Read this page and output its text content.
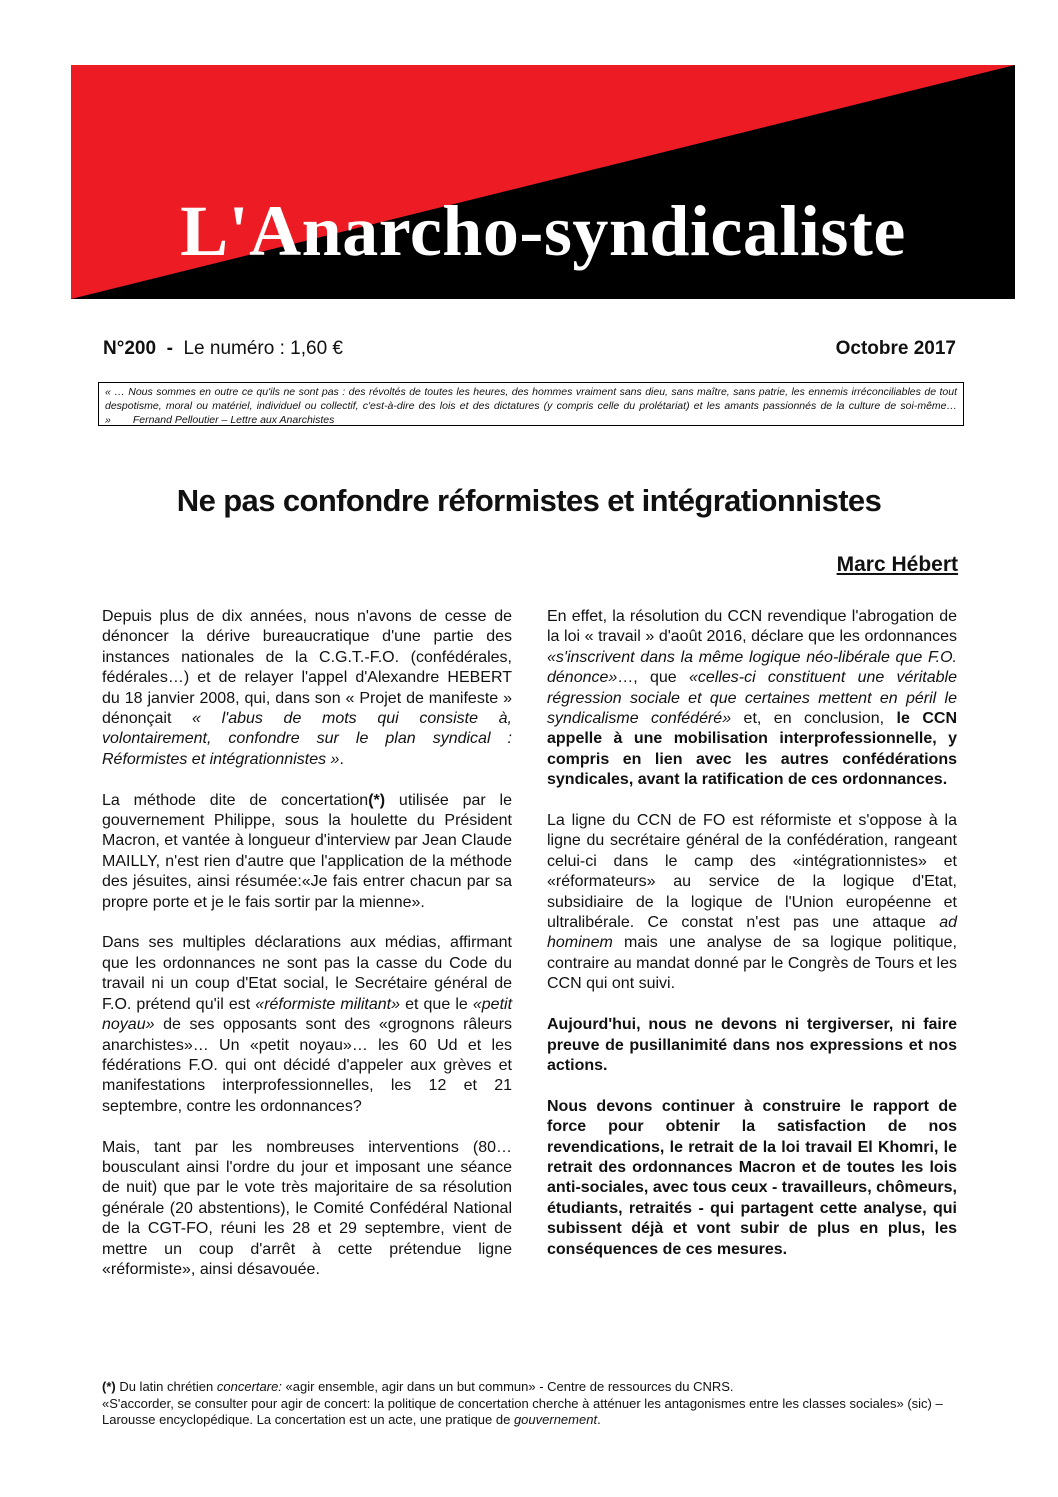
L'Anarcho-syndicaliste
N°200  -  Le numéro : 1,60 €	Octobre 2017
« … Nous sommes en outre ce qu'ils ne sont pas : des révoltés de toutes les heures, des hommes vraiment sans dieu, sans maître, sans patrie, les ennemis irréconciliables de tout despotisme, moral ou matériel, individuel ou collectif, c'est-à-dire des lois et des dictatures (y compris celle du prolétariat) et les amants passionnés de la culture de soi-même… » Fernand Pelloutier – Lettre aux Anarchistes
Ne pas confondre réformistes et intégrationnistes
Marc Hébert

Depuis plus de dix années, nous n'avons de cesse de dénoncer la dérive bureaucratique d'une partie des instances nationales de la C.G.T.-F.O. (confédérales, fédérales…) et de relayer l'appel d'Alexandre HEBERT du 18 janvier 2008, qui, dans son « Projet de manifeste » dénonçait « l'abus de mots qui consiste à, volontairement, confondre sur le plan syndical : Réformistes et intégrationnistes ».

La méthode dite de concertation(*) utilisée par le gouvernement Philippe, sous la houlette du Président Macron, et vantée à longueur d'interview par Jean Claude MAILLY, n'est rien d'autre que l'application de la méthode des jésuites, ainsi résumée:«Je fais entrer chacun par sa propre porte et je le fais sortir par la mienne».

Dans ses multiples déclarations aux médias, affirmant que les ordonnances ne sont pas la casse du Code du travail ni un coup d'Etat social, le Secrétaire général de F.O. prétend qu'il est «réformiste militant» et que le «petit noyau» de ses opposants sont des «grognons râleurs anarchistes»… Un «petit noyau»… les 60 Ud et les fédérations F.O. qui ont décidé d'appeler aux grèves et manifestations interprofessionnelles, les 12 et 21 septembre, contre les ordonnances?

Mais, tant par les nombreuses interventions (80…bousculant ainsi l'ordre du jour et imposant une séance de nuit) que par le vote très majoritaire de sa résolution générale (20 abstentions), le Comité Confédéral National de la CGT-FO, réuni les 28 et 29 septembre, vient de mettre un coup d'arrêt à cette prétendue ligne «réformiste», ainsi désavouée.

En effet, la résolution du CCN revendique l'abrogation de la loi « travail » d'août 2016, déclare que les ordonnances «s'inscrivent dans la même logique néo-libérale que F.O. dénonce»…, que «celles-ci constituent une véritable régression sociale et que certaines mettent en péril le syndicalisme confédéré» et, en conclusion, le CCN appelle à une mobilisation interprofessionnelle, y compris en lien avec les autres confédérations syndicales, avant la ratification de ces ordonnances.

La ligne du CCN de FO est réformiste et s'oppose à la ligne du secrétaire général de la confédération, rangeant celui-ci dans le camp des «intégrationnistes» et «réformateurs» au service de la logique d'Etat, subsidiaire de la logique de l'Union européenne et ultralibérale. Ce constat n'est pas une attaque ad hominem mais une analyse de sa logique politique, contraire au mandat donné par le Congrès de Tours et les CCN qui ont suivi.

Aujourd'hui, nous ne devons ni tergiverser, ni faire preuve de pusillanimité dans nos expressions et nos actions.

Nous devons continuer à construire le rapport de force pour obtenir la satisfaction de nos revendications, le retrait de la loi travail El Khomri, le retrait des ordonnances Macron et de toutes les lois anti-sociales, avec tous ceux - travailleurs, chômeurs, étudiants, retraités - qui partagent cette analyse, qui subissent déjà et vont subir de plus en plus, les conséquences de ces mesures.

(*) Du latin chrétien concertare: «agir ensemble, agir dans un but commun» - Centre de ressources du CNRS.

«S'accorder, se consulter pour agir de concert: la politique de concertation cherche à atténuer les antagonismes entre les classes sociales» (sic) – Larousse encyclopédique. La concertation est un acte, une pratique de gouvernement.
